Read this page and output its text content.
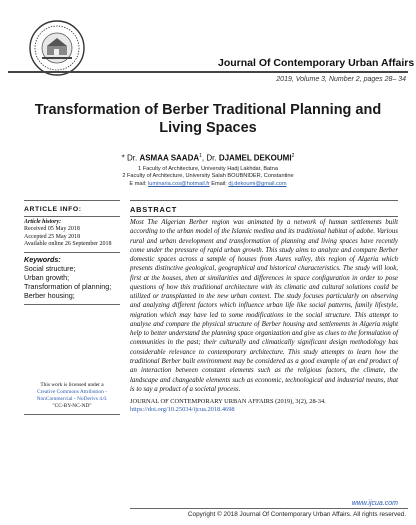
Journal Of Contemporary Urban Affairs
2019, Volume 3, Number 2, pages 28– 34
Transformation of Berber Traditional Planning and Living Spaces
* Dr. ASMAA SAADA$^1$, Dr. DJAMEL DEKOUMI$^2$
1 Faculty of Architecture, University Hadj Lakhdar, Batna
2 Faculty of Architecture, University Salah BOUBNIDER, Constantine
E mail: luminaria.cos@hotmail.fr Email: dj.dekoumi@gmail.com
ARTICLE INFO:
Article history:
Received 05 May 2018
Accepted 25 May 2018
Available online 26 September 2018
Keywords:
Social structure;
Urban growth;
Transformation of planning;
Berber housing;
This work is licensed under a
Creative Commons Attribution - NonCommercial - NoDerivs 4.0.
"CC-BY-NC-ND"
ABSTRACT
Most The Algerian Berber region was animated by a network of human settlements built according to the urban model of the Islamic medina and its traditional habitat of adobe. Various rural and urban development and transformation of planning and living spaces have recently come under the pressure of rapid urban growth. This study aims to analyze and compare Berber domestic spaces across a sample of houses from Aures valley, this region of Algeria which presents distinctive geological, geographical and historical characteristics. The study will look, first at the houses, then at similarities and differences in space configuration in order to pose questions of how this traditional architecture with its climatic and cultural solutions could be utilized or transplanted in the new urban context. The study focuses particularly on observing and analyzing different factors which influence urban life like social patterns, family lifestyle, migration which may have led to some modifications in the social structure. This attempt to analyse and compare the physical structure of Berber housing and settlements in Algeria might help to better understand the planning space organization and give us clues to the formulation of communities in the past; their culturally and climatically significant design methodology has considerable relevance to contemporary architecture. This study attempts to learn how the traditional Berber built environment may be considered as a good example of an end product of an interaction between constant elements such as the religious factors, the climate, the landscape and changeable elements such as economic, technological and industrial means, that is to say a product of a societal process.
JOURNAL OF CONTEMPORARY URBAN AFFAIRS (2019), 3(2), 28-34.
https://doi.org/10.25034/ijcua.2018.4698
www.ijcua.com
Copyright © 2018 Journal Of Contemporary Urban Affairs. All rights reserved.
